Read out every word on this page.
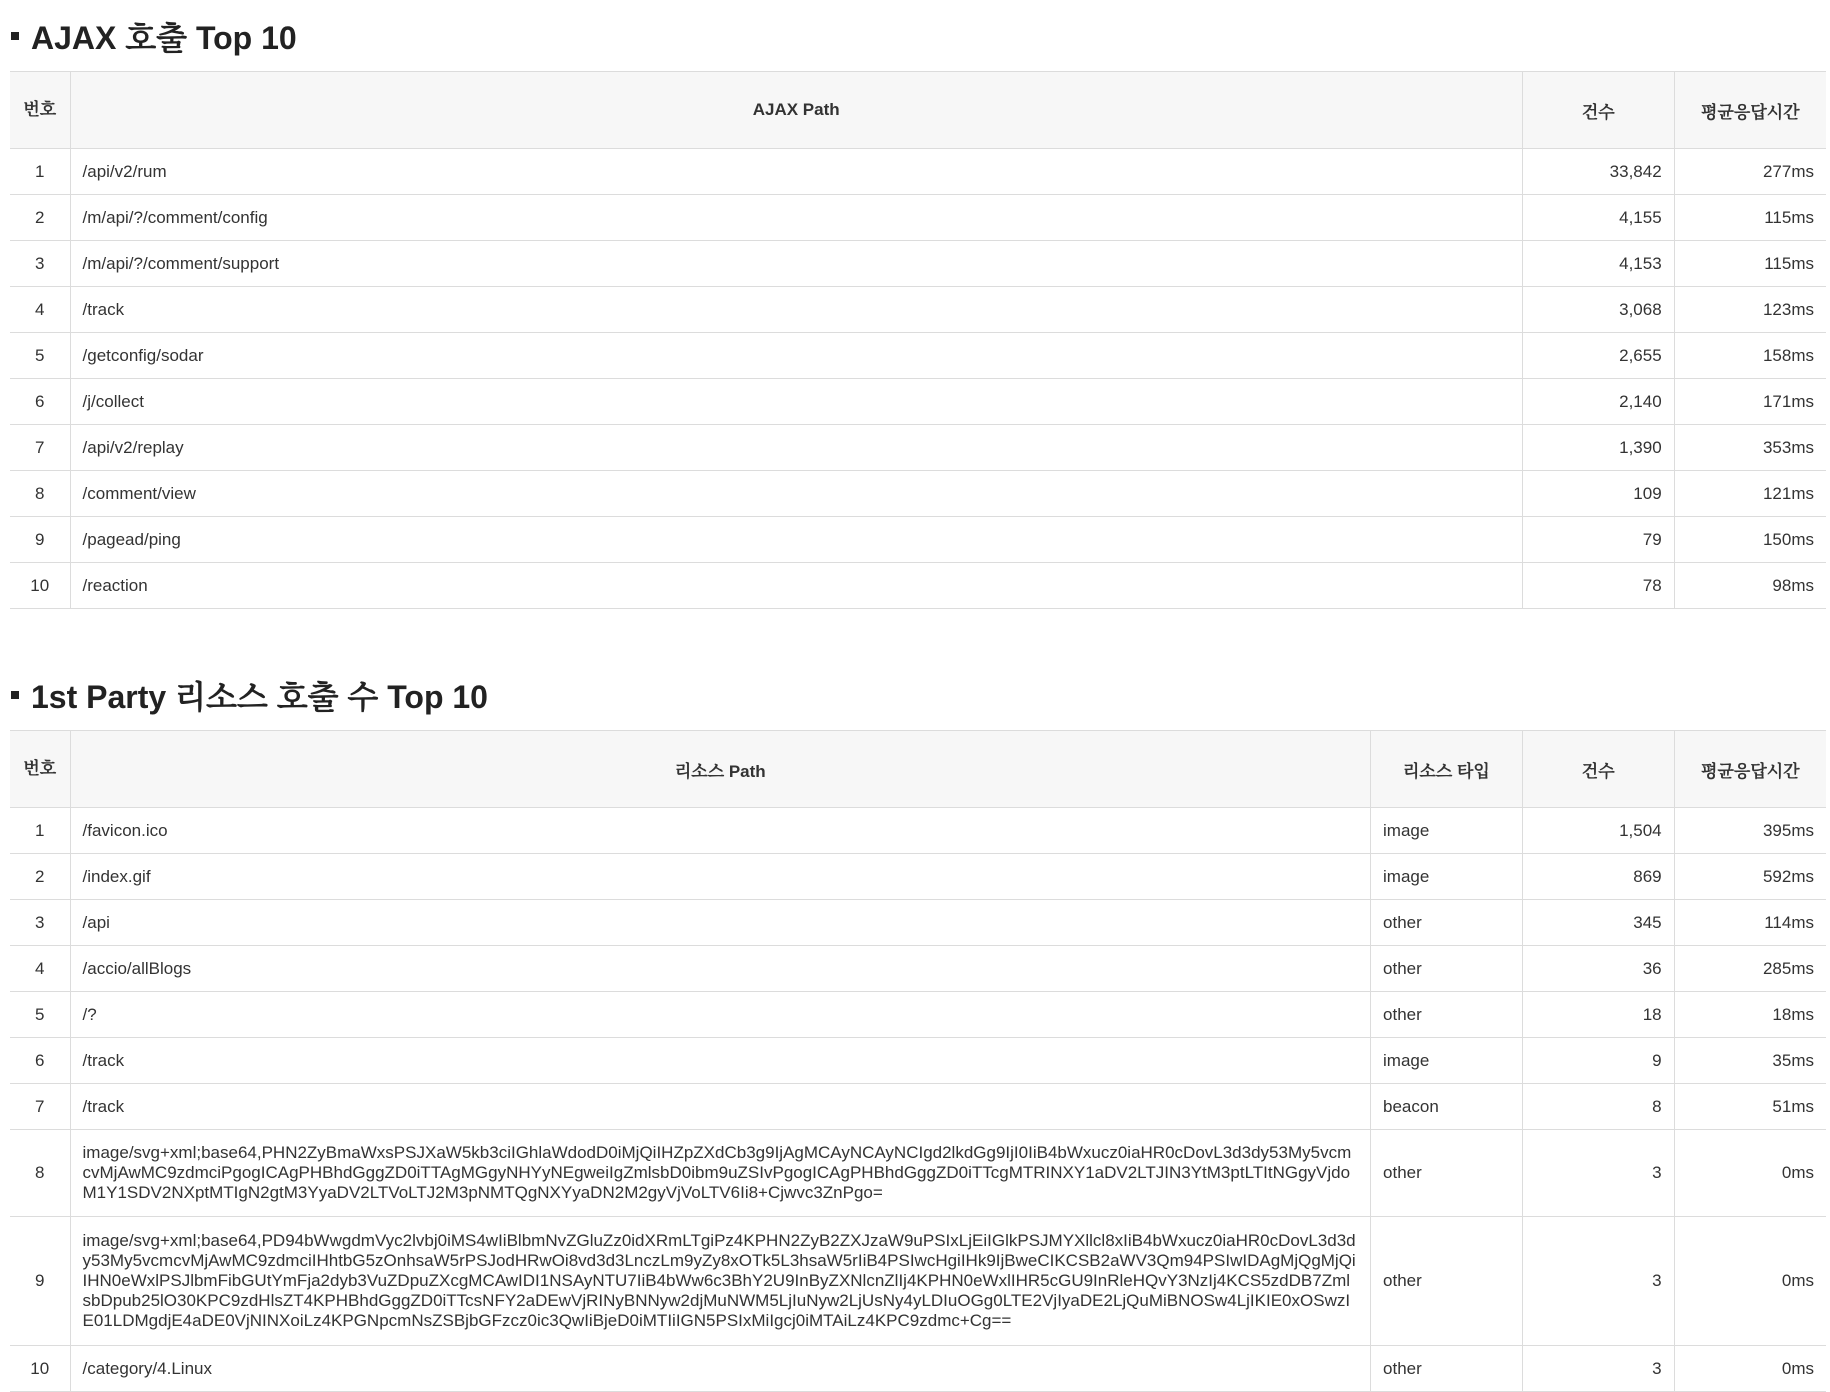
AJAX 호출 Top 10
번호	AJAX Path	건수	평균응답시간
1	/api/v2/rum	33,842	277ms
2	/m/api/?/comment/config	4,155	115ms
3	/m/api/?/comment/support	4,153	115ms
4	/track	3,068	123ms
5	/getconfig/sodar	2,655	158ms
6	/j/collect	2,140	171ms
7	/api/v2/replay	1,390	353ms
8	/comment/view	109	121ms
9	/pagead/ping	79	150ms
10	/reaction	78	98ms
1st Party 리소스 호출 수 Top 10
번호	리소스 Path	리소스 타입	건수	평균응답시간
1	/favicon.ico	image	1,504	395ms
2	/index.gif	image	869	592ms
3	/api	other	345	114ms
4	/accio/allBlogs	other	36	285ms
5	/?	other	18	18ms
6	/track	image	9	35ms
7	/track	beacon	8	51ms
8	image/svg+xml;base64,PHN2ZyBmaWxsPSJXaW5kb3ciIGhlaWdodD0iMjQiIHZpZXdCb3g9IjAgMCAyNCAyNCIgd2lkdGg9IjI0IiB4bWxucz0iaHR0cDovL3d3dy53My5vcmcvMjAwMC9zdmciPgogICAgPHBhdGggZD0iTTAgMGgyNHYyNEgweiIgZmlsbD0ibm9uZSIvPgogICAgPHBhdGggZD0iTTcgMTRINXY1aDV2LTJIN3YtM3ptLTItNGgyVjdoM1Y1SDV2NXptMTIgN2gtM3YyaDV2LTVoLTJ2M3pNMTQgNXYyaDN2M2gyVjVoLTV6Ii8+Cjwvc3ZnPgo=	other	3	0ms
9	image/svg+xml;base64,PD94bWwgdmVyc2lvbj0iMS4wIiBlbmNvZGluZz0idXRmLTgiPz4KPHN2ZyB2ZXJzaW9uPSIxLjEiIGlkPSJMYXllcl8xIiB4bWxucz0iaHR0cDovL3d3dy53My5vcmcvMjAwMC9zdmciIHhtbG5zOnhsaW5rPSJodHRwOi8vd3d3LnczLm9yZy8xOTk5L3hsaW5rIiB4PSIwcHgiIHk9IjBweCIKCSB2aWV3Qm94PSIwIDAgMjQgMjQiIHN0eWxlPSJlbmFibGUtYmFja2dyb3VuZDpuZXcgMCAwIDI1NSAyNTU7IiB4bWw6c3BhY2U9InByZXNlcnZlIj4KPHN0eWxlIHR5cGU9InRleHQvY3NzIj4KCS5zdDB7ZmlsbDpub25lO30KPC9zdHlsZT4KPHBhdGggZD0iTTcsNFY2aDEwVjRINyBNNyw2djMuNWM5LjIuNyw2LjUsNy4yLDIuOGg0LTE2VjIyaDE2LjQuMiBNOSw4LjIKIE0xOSwzIE01LDMgdjE4aDE0VjNINXoiLz4KPGNpcmNsZSBjbGFzcz0ic3QwIiBjeD0iMTIiIGN5PSIxMiIgcj0iMTAiLz4KPC9zdmc+Cg==	other	3	0ms
10	/category/4.Linux	other	3	0ms
